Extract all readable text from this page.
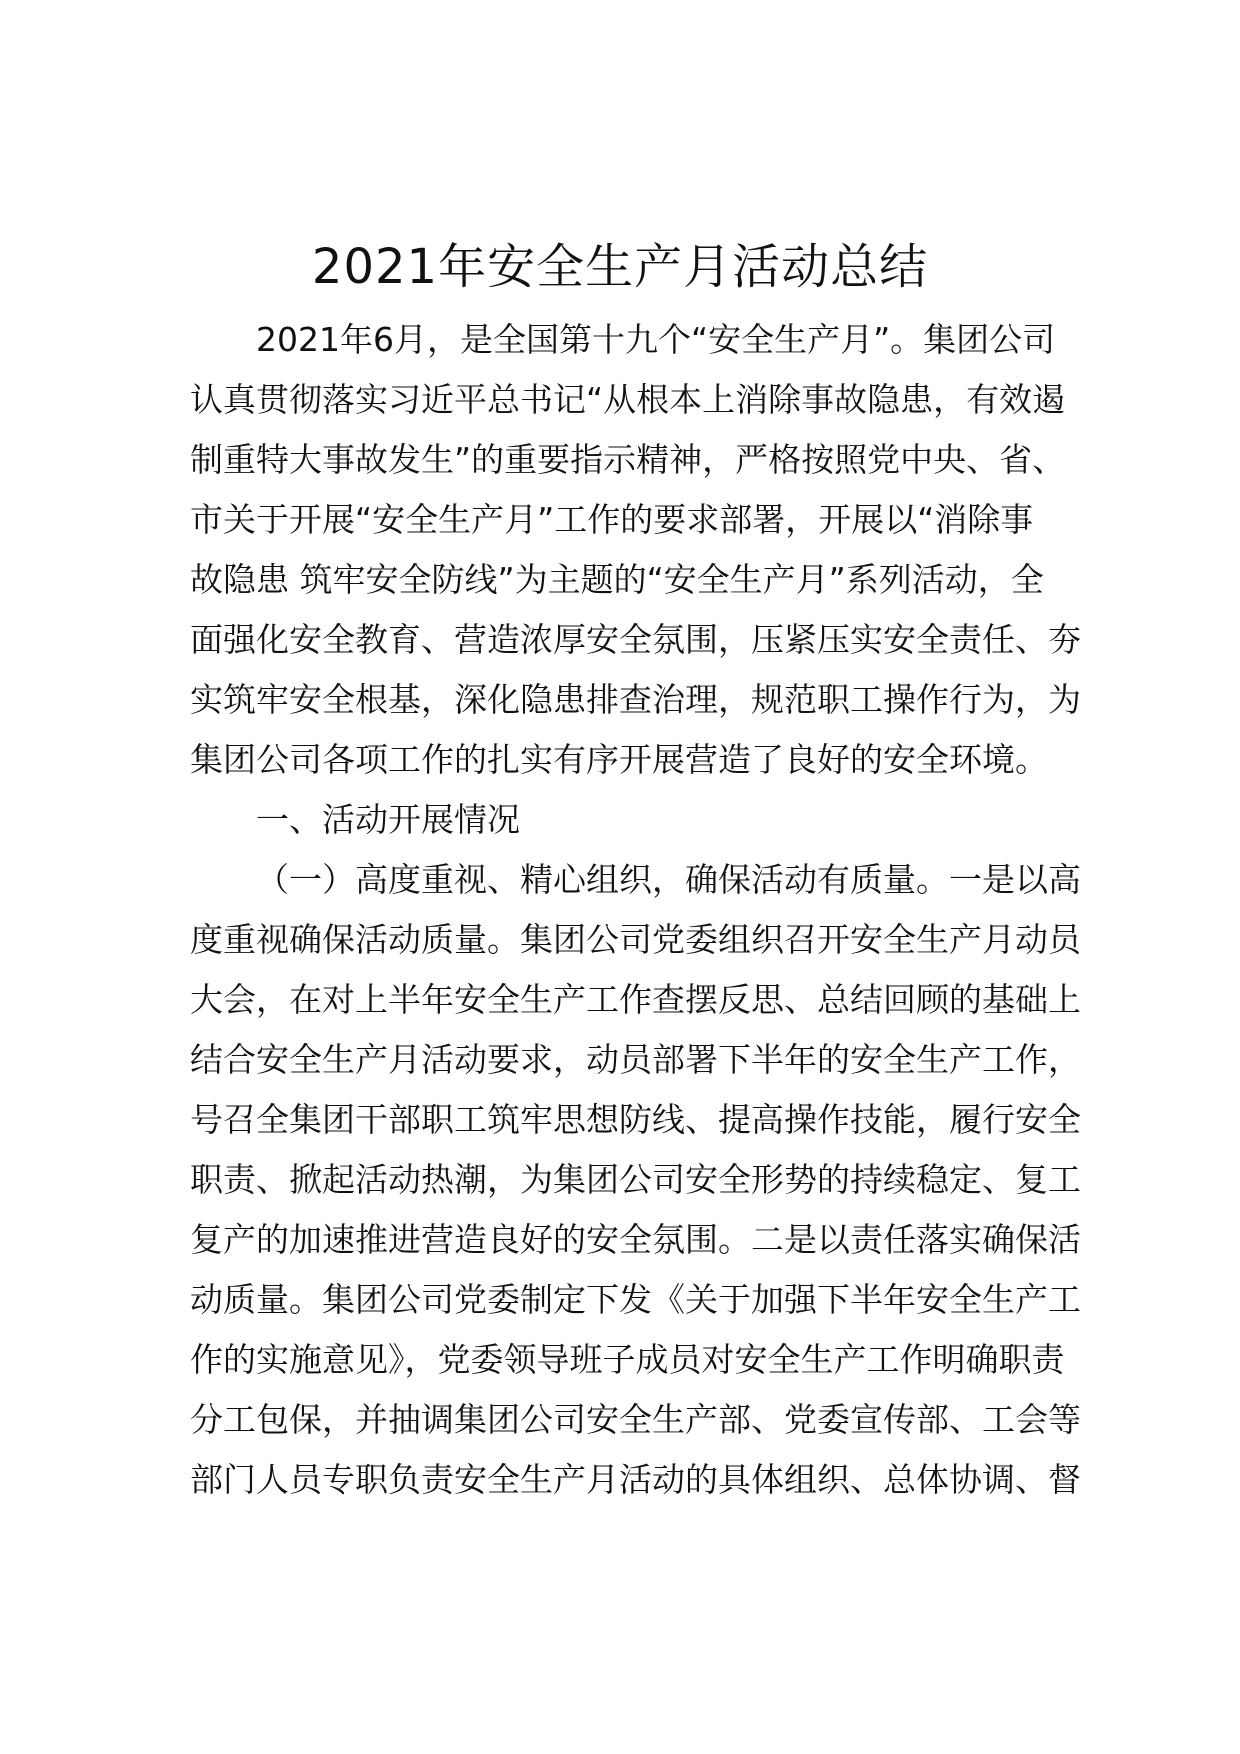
2021年安全生产月活动总结
2021年6月，是全国第十九个“安全生产月”。集团公司
认真贯彻落实习近平总书记“从根本上消除事故隐患，有效遏
制重特大事故发生”的重要指示精神，严格按照党中央、省、
市关于开展“安全生产月”工作的要求部署，开展以“消除事
故隐患 筑牢安全防线”为主题的“安全生产月”系列活动，全
面强化安全教育、营造浓厚安全氛围，压紧压实安全责任、夯
实筑牢安全根基，深化隐患排查治理，规范职工操作行为，为
集团公司各项工作的扎实有序开展营造了良好的安全环境。
一、活动开展情况
（一）高度重视、精心组织，确保活动有质量。一是以高
度重视确保活动质量。集团公司党委组织召开安全生产月动员
大会，在对上半年安全生产工作查摆反思、总结回顾的基础上
结合安全生产月活动要求，动员部署下半年的安全生产工作，
号召全集团干部职工筑牢思想防线、提高操作技能，履行安全
职责、掀起活动热潮，为集团公司安全形势的持续稳定、复工
复产的加速推进营造良好的安全氛围。二是以责任落实确保活
动质量。集团公司党委制定下发《关于加强下半年安全生产工
作的实施意见》，党委领导班子成员对安全生产工作明确职责
分工包保，并抽调集团公司安全生产部、党委宣传部、工会等
部门人员专职负责安全生产月活动的具体组织、总体协调、督
